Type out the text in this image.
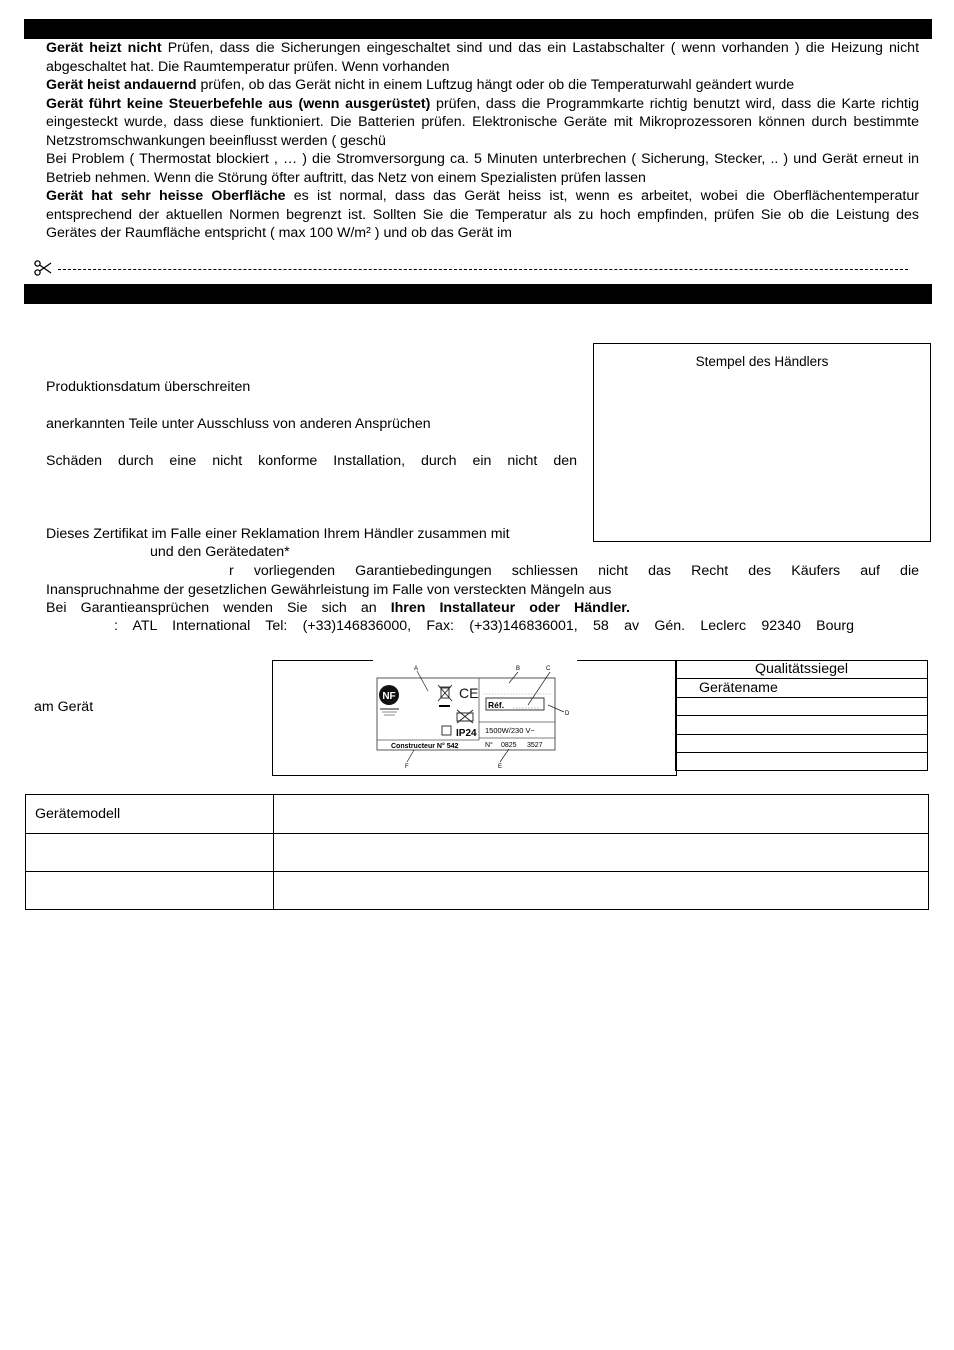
Gerät heizt nicht Prüfen, dass die Sicherungen eingeschaltet sind und das ein Lastabschalter ( wenn vorhanden ) die Heizung nicht abgeschaltet hat. Die Raumtemperatur prüfen. Wenn vorhanden

Gerät heist andauernd prüfen, ob das Gerät nicht in einem Luftzug hängt oder ob die Temperaturwahl geändert wurde

Gerät führt keine Steuerbefehle aus (wenn ausgerüstet) prüfen, dass die Programmkarte richtig benutzt wird, dass die Karte richtig eingesteckt wurde, dass diese funktioniert. Die Batterien prüfen. Elektronische Geräte mit Mikroprozessoren können durch bestimmte Netzstromschwankungen beeinflusst werden ( geschü

Bei Problem ( Thermostat blockiert , … ) die Stromversorgung ca. 5 Minuten unterbrechen ( Sicherung, Stecker, .. ) und Gerät erneut in Betrieb nehmen. Wenn die Störung öfter auftritt, das Netz von einem Spezialisten prüfen lassen

Gerät hat sehr heisse Oberfläche es ist normal, dass das Gerät heiss ist, wenn es arbeitet, wobei die Oberflächentemperatur entsprechend der aktuellen Normen begrenzt ist. Sollten Sie die Temperatur als zu hoch empfinden, prüfen Sie ob die Leistung des Gerätes der Raumfläche entspricht ( max 100 W/m² ) und ob das Gerät im

Produktionsdatum überschreiten

anerkannten Teile unter Ausschluss von anderen Ansprüchen

Schäden durch eine nicht konforme Installation, durch ein nicht den

Dieses Zertifikat im Falle einer Reklamation Ihrem Händler zusammen mit

und den Gerätedaten*

r vorliegenden Garantiebedingungen schliessen nicht das Recht des Käufers auf die

Inanspruchnahme der gesetzlichen Gewährleistung im Falle von versteckten Mängeln aus

Bei Garantieansprüchen wenden Sie sich an Ihren Installateur oder Händler.

: ATL International Tel: (+33)146836000, Fax: (+33)146836001, 58 av Gén. Leclerc 92340 Bourg

Stempel des Händlers

am Gerät

NF	CE
IP24
Réf.
1500W/230 V~
N° 0825 3527
Constructeur N° 542
A	B	C
D
E
F
Qualitätssiegel
Gerätename

Gerätemodell	
